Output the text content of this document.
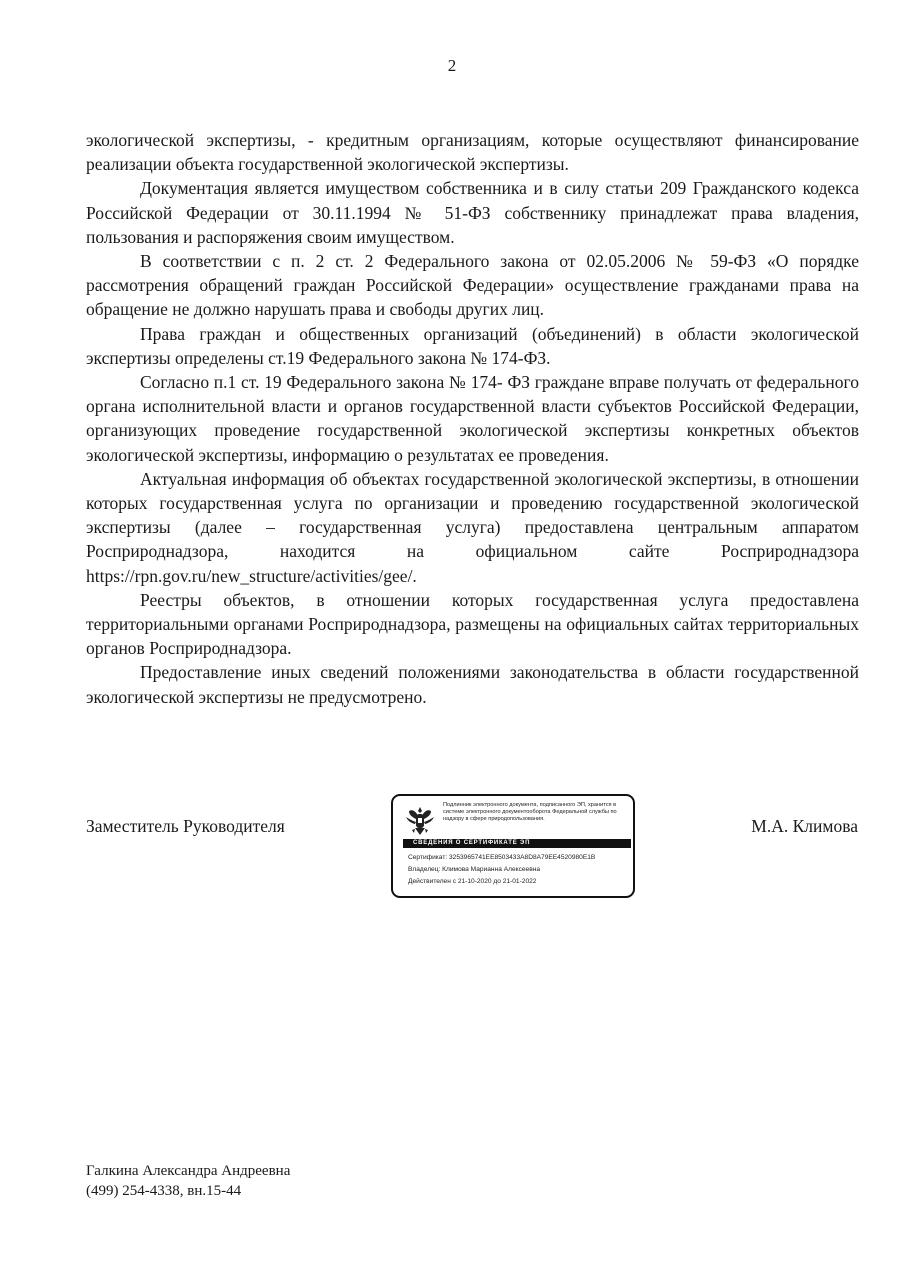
2

экологической экспертизы, - кредитным организациям, которые осуществляют финансирование реализации объекта государственной экологической экспертизы.

Документация является имуществом собственника и в силу статьи 209 Гражданского кодекса Российской Федерации от 30.11.1994 № 51-ФЗ собственнику принадлежат права владения, пользования и распоряжения своим имуществом.

В соответствии с п. 2 ст. 2 Федерального закона от 02.05.2006 № 59-ФЗ «О порядке рассмотрения обращений граждан Российской Федерации» осуществление гражданами права на обращение не должно нарушать права и свободы других лиц.

Права граждан и общественных организаций (объединений) в области экологической экспертизы определены ст.19 Федерального закона № 174-ФЗ.

Согласно п.1 ст. 19 Федерального закона № 174- ФЗ граждане вправе получать от федерального органа исполнительной власти и органов государственной власти субъектов Российской Федерации, организующих проведение государственной экологической экспертизы конкретных объектов экологической экспертизы, информацию о результатах ее проведения.

Актуальная информация об объектах государственной экологической экспертизы, в отношении которых государственная услуга по организации и проведению государственной экологической экспертизы (далее – государственная услуга) предоставлена центральным аппаратом Росприроднадзора, находится на официальном сайте Росприроднадзора https://rpn.gov.ru/new_structure/activities/gee/.

Реестры объектов, в отношении которых государственная услуга предоставлена территориальными органами Росприроднадзора, размещены на официальных сайтах территориальных органов Росприроднадзора.

Предоставление иных сведений положениями законодательства в области государственной экологической экспертизы не предусмотрено.

Заместитель Руководителя
Подлинник электронного документа, подписанного ЭП, хранится в системе электронного документооборота Федеральной службы по надзору в сфере природопользования.
СВЕДЕНИЯ О СЕРТИФИКАТЕ ЭП
Сертификат: 3253965741EE8503433A8D8A79EE4520980E1B
Владелец: Климова Марианна Алексеевна
Действителен с 21-10-2020 до 21-01-2022
М.А. Климова
Галкина Александра Андреевна
(499) 254-4338, вн.15-44
